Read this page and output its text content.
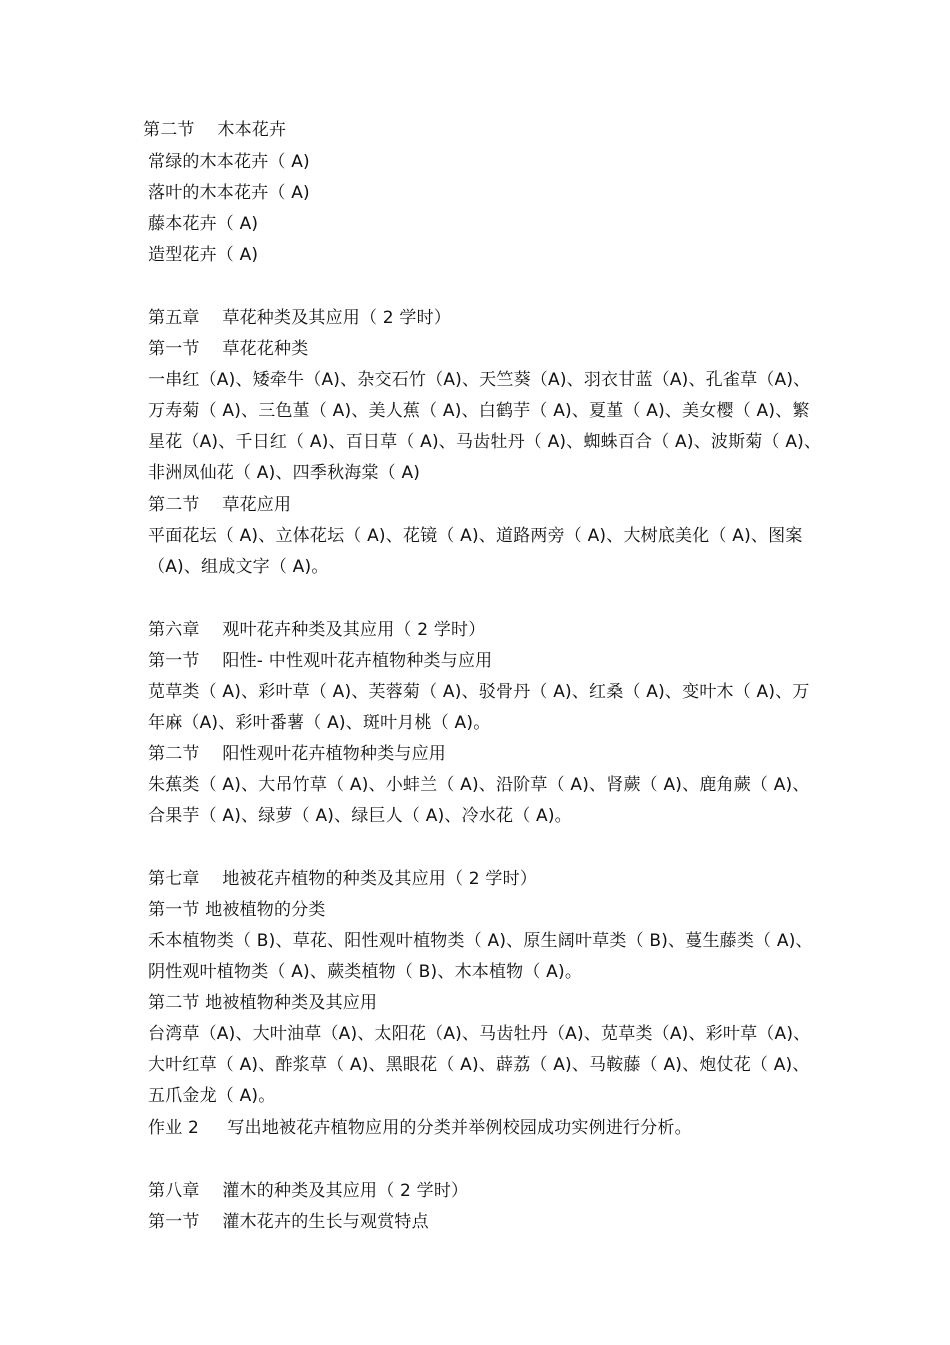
第二节　 木本花卉
常绿的木本花卉（ A)
落叶的木本花卉（ A)
藤本花卉（ A)
造型花卉（ A)
第五章　 草花种类及其应用（ 2 学时）
第一节　 草花花种类
一串红（A)、矮牵牛（A)、杂交石竹（A)、天竺葵（A)、羽衣甘蓝（A)、孔雀草（A)、
万寿菊（ A)、三色堇（ A)、美人蕉（ A)、白鹤芋（ A)、夏堇（ A)、美女樱（ A)、繁
星花（A)、千日红（ A)、百日草（ A)、马齿牡丹（ A)、蜘蛛百合（ A)、波斯菊（ A)、
非洲凤仙花（ A)、四季秋海棠（ A)
第二节　 草花应用
平面花坛（ A)、立体花坛（ A)、花镜（ A)、道路两旁（ A)、大树底美化（ A)、图案
（A)、组成文字（ A)。
第六章　 观叶花卉种类及其应用（ 2 学时）
第一节　 阳性- 中性观叶花卉植物种类与应用
苋草类（ A)、彩叶草（ A)、芙蓉菊（ A)、驳骨丹（ A)、红桑（ A)、变叶木（ A)、万
年麻（A)、彩叶番薯（ A)、斑叶月桃（ A)。
第二节　 阳性观叶花卉植物种类与应用
朱蕉类（ A)、大吊竹草（ A)、小蚌兰（ A)、沿阶草（ A)、肾蕨（ A)、鹿角蕨（ A)、
合果芋（ A)、绿萝（ A)、绿巨人（ A)、冷水花（ A)。
第七章　 地被花卉植物的种类及其应用（ 2 学时）
第一节 地被植物的分类
禾本植物类（ B)、草花、阳性观叶植物类（ A)、原生阔叶草类（ B)、蔓生藤类（ A)、
阴性观叶植物类（ A)、蕨类植物（ B)、木本植物（ A)。
第二节 地被植物种类及其应用
台湾草（A)、大叶油草（A)、太阳花（A)、马齿牡丹（A)、苋草类（A)、彩叶草（A)、
大叶红草（ A)、酢浆草（ A)、黑眼花（ A)、薜荔（ A)、马鞍藤（ A)、炮仗花（ A)、
五爪金龙（ A)。
作业 2 　 写出地被花卉植物应用的分类并举例校园成功实例进行分析。
第八章　 灌木的种类及其应用（ 2 学时）
第一节　 灌木花卉的生长与观赏特点
